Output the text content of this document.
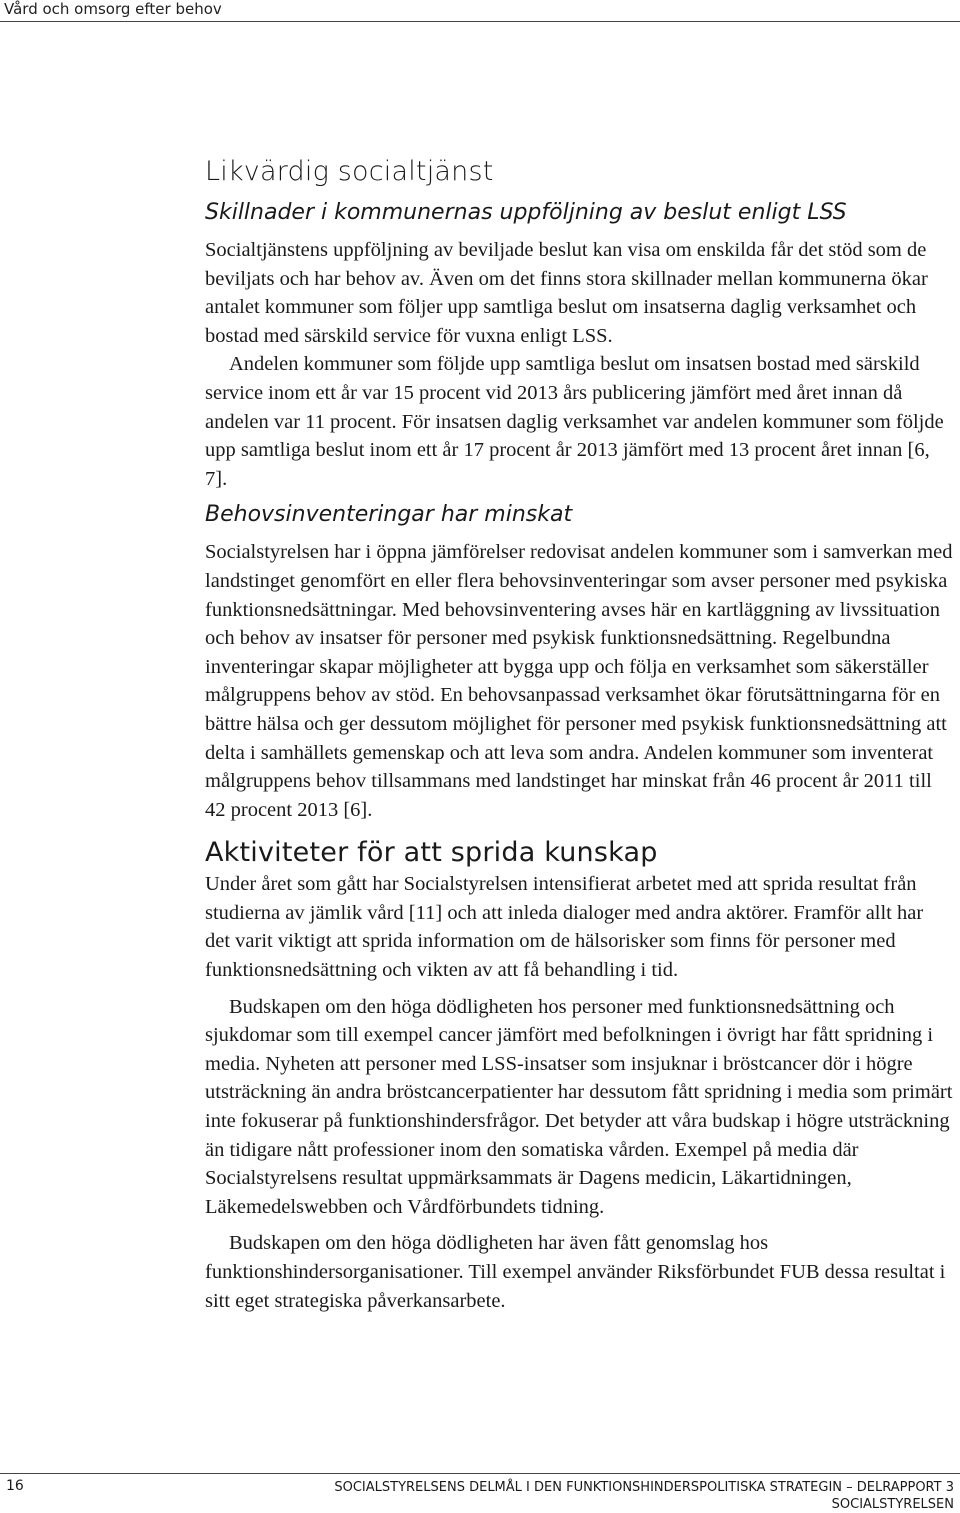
Vård och omsorg efter behov
Likvärdig socialtjänst
Skillnader i kommunernas uppföljning av beslut enligt LSS

Socialtjänstens uppföljning av beviljade beslut kan visa om enskilda får det stöd som de beviljats och har behov av. Även om det finns stora skillnader mellan kommunerna ökar antalet kommuner som följer upp samtliga beslut om insatserna daglig verksamhet och bostad med särskild service för vuxna enligt LSS.

Andelen kommuner som följde upp samtliga beslut om insatsen bostad med särskild service inom ett år var 15 procent vid 2013 års publicering jämfört med året innan då andelen var 11 procent. För insatsen daglig verksamhet var andelen kommuner som följde upp samtliga beslut inom ett år 17 procent år 2013 jämfört med 13 procent året innan [6, 7].

Behovsinventeringar har minskat

Socialstyrelsen har i öppna jämförelser redovisat andelen kommuner som i samverkan med landstinget genomfört en eller flera behovsinventeringar som avser personer med psykiska funktionsnedsättningar. Med behovsinventering avses här en kartläggning av livssituation och behov av insatser för personer med psykisk funktionsnedsättning. Regelbundna inventeringar skapar möjligheter att bygga upp och följa en verksamhet som säkerställer målgruppens behov av stöd. En behovsanpassad verksamhet ökar förutsättningarna för en bättre hälsa och ger dessutom möjlighet för personer med psykisk funktionsnedsättning att delta i samhällets gemenskap och att leva som andra. Andelen kommuner som inventerat målgruppens behov tillsammans med landstinget har minskat från 46 procent år 2011 till 42 procent 2013 [6].

Aktiviteter för att sprida kunskap

Under året som gått har Socialstyrelsen intensifierat arbetet med att sprida resultat från studierna av jämlik vård [11] och att inleda dialoger med andra aktörer. Framför allt har det varit viktigt att sprida information om de hälsorisker som finns för personer med funktionsnedsättning och vikten av att få behandling i tid.

Budskapen om den höga dödligheten hos personer med funktionsnedsättning och sjukdomar som till exempel cancer jämfört med befolkningen i övrigt har fått spridning i media. Nyheten att personer med LSS-insatser som insjuknar i bröstcancer dör i högre utsträckning än andra bröstcancerpatienter har dessutom fått spridning i media som primärt inte fokuserar på funktionshindersfrågor. Det betyder att våra budskap i högre utsträckning än tidigare nått professioner inom den somatiska vården. Exempel på media där Socialstyrelsens resultat uppmärksammats är Dagens medicin, Läkartidningen, Läkemedelswebben och Vårdförbundets tidning.

Budskapen om den höga dödligheten har även fått genomslag hos funktionshindersorganisationer. Till exempel använder Riksförbundet FUB dessa resultat i sitt eget strategiska påverkansarbete.

16	SOCIALSTYRELSENS DELMÅL I DEN FUNKTIONSHINDERSPOLITISKA STRATEGIN – DELRAPPORT 3
SOCIALSTYRELSEN
